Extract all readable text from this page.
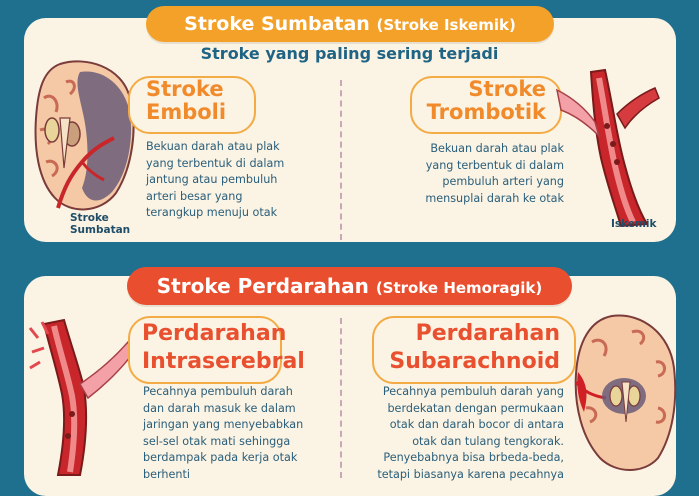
Stroke Sumbatan (Stroke Iskemik)
Stroke yang paling sering terjadi
Stroke
Sumbatan
Stroke
Emboli
Bekuan darah atau plak
yang terbentuk di dalam
jantung atau pembuluh
arteri besar yang
terangkup menuju otak
Stroke
Trombotik
Bekuan darah atau plak
yang terbentuk di dalam
pembuluh arteri yang
mensuplai darah ke otak
Iskemik
Stroke Perdarahan (Stroke Hemoragik)
Perdarahan
Intraserebral
Pecahnya pembuluh darah
dan darah masuk ke dalam
jaringan yang menyebabkan
sel-sel otak mati sehingga
berdampak pada kerja otak
berhenti
Perdarahan
Subarachnoid
Pecahnya pembuluh darah yang
berdekatan dengan permukaan
otak dan darah bocor di antara
otak dan tulang tengkorak.
Penyebabnya bisa brbeda-beda,
tetapi biasanya karena pecahnya
